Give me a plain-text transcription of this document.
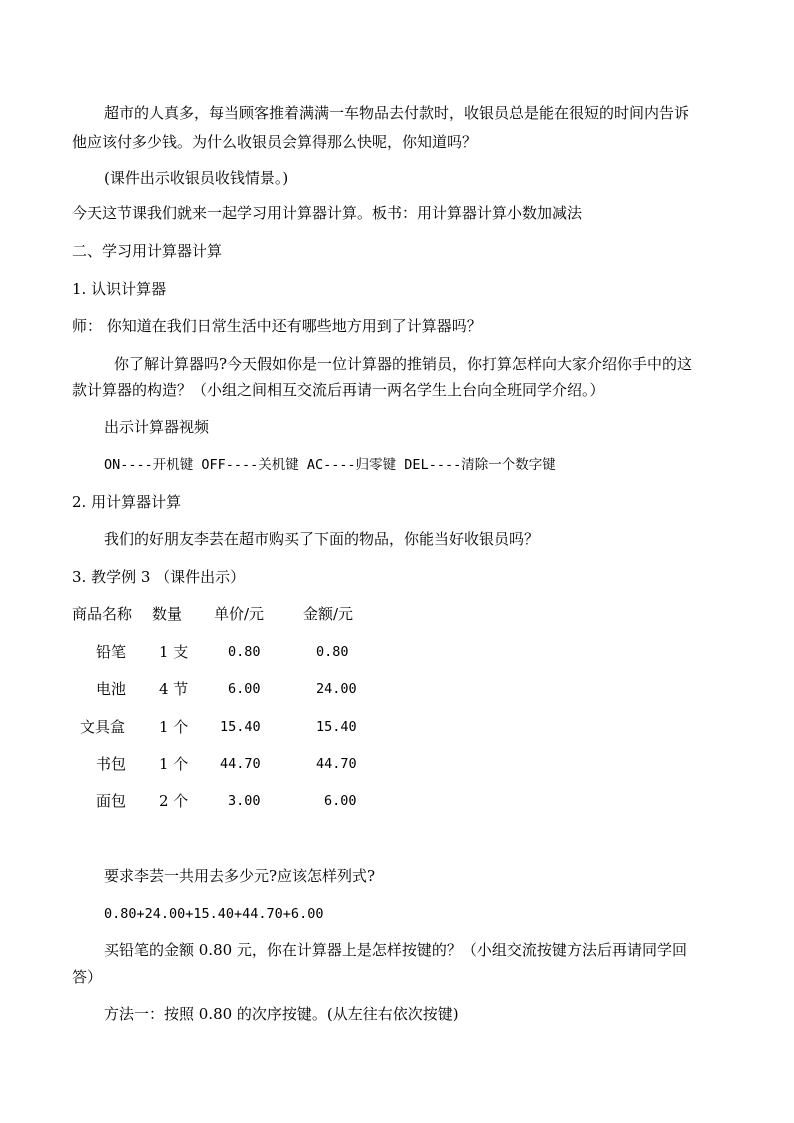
超市的人真多，每当顾客推着满满一车物品去付款时，收银员总是能在很短的时间内告诉
他应该付多少钱。为什么收银员会算得那么快呢，你知道吗？
(课件出示收银员收钱情景。)
今天这节课我们就来一起学习用计算器计算。板书：用计算器计算小数加减法
二、学习用计算器计算
1. 认识计算器
师： 你知道在我们日常生活中还有哪些地方用到了计算器吗？
你了解计算器吗?今天假如你是一位计算器的推销员，你打算怎样向大家介绍你手中的这
款计算器的构造？（小组之间相互交流后再请一两名学生上台向全班同学介绍。）
出示计算器视频
ON----开机键 OFF----关机键 AC----归零键 DEL----清除一个数字键
2. 用计算器计算
我们的好朋友李芸在超市购买了下面的物品，你能当好收银员吗？
3. 教学例 3 （课件出示）
商品名称 数量 单价/元	金额/元
铅笔 1 支	0.80	0.80
电池 4 节	6.00	24.00
文具盒 1 个 15.40	15.40
书包 1 个 44.70	44.70
面包 2 个	3.00	6.00
要求李芸一共用去多少元?应该怎样列式?
0.80+24.00+15.40+44.70+6.00
买铅笔的金额 0.80 元，你在计算器上是怎样按键的？（小组交流按键方法后再请同学回
答）
方法一：按照 0.80 的次序按键。(从左往右依次按键)
